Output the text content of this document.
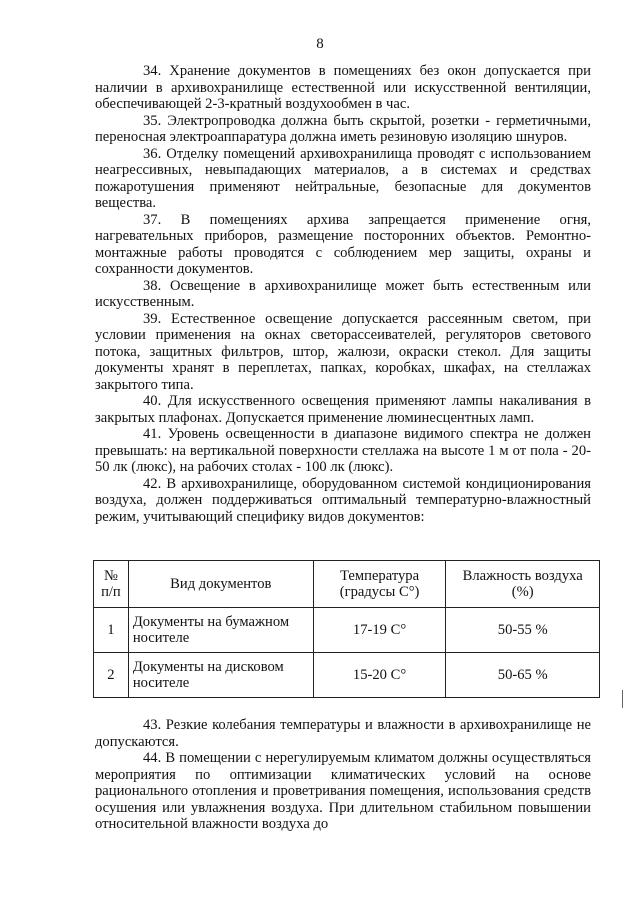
8

34. Хранение документов в помещениях без окон допускается при наличии в архивохранилище естественной или искусственной вентиляции, обеспечивающей 2-3-кратный воздухообмен в час.

35. Электропроводка должна быть скрытой, розетки - герметичными, переносная электроаппаратура должна иметь резиновую изоляцию шнуров.

36. Отделку помещений архивохранилища проводят с использованием неагрессивных, невыпадающих материалов, а в системах и средствах пожаротушения применяют нейтральные, безопасные для документов вещества.

37. В помещениях архива запрещается применение огня, нагревательных приборов, размещение посторонних объектов. Ремонтно-монтажные работы проводятся с соблюдением мер защиты, охраны и сохранности документов.

38. Освещение в архивохранилище может быть естественным или искусственным.

39. Естественное освещение допускается рассеянным светом, при условии применения на окнах светорассеивателей, регуляторов светового потока, защитных фильтров, штор, жалюзи, окраски стекол. Для защиты документы хранят в переплетах, папках, коробках, шкафах, на стеллажах закрытого типа.

40. Для искусственного освещения применяют лампы накаливания в закрытых плафонах. Допускается применение люминесцентных ламп.

41. Уровень освещенности в диапазоне видимого спектра не должен превышать: на вертикальной поверхности стеллажа на высоте 1 м от пола - 20-50 лк (люкс), на рабочих столах - 100 лк (люкс).

42. В архивохранилище, оборудованном системой кондиционирования воздуха, должен поддерживаться оптимальный температурно-влажностный режим, учитывающий специфику видов документов:

№ п/п	Вид документов	Температура (градусы С°)	Влажность воздуха (%)
1	Документы на бумажном носителе	17-19 С°	50-55 %
2	Документы на дисковом носителе	15-20 С°	50-65 %

43. Резкие колебания температуры и влажности в архивохранилище не допускаются.

44. В помещении с нерегулируемым климатом должны осуществляться мероприятия по оптимизации климатических условий на основе рационального отопления и проветривания помещения, использования средств осушения или увлажнения воздуха. При длительном стабильном повышении относительной влажности воздуха до
